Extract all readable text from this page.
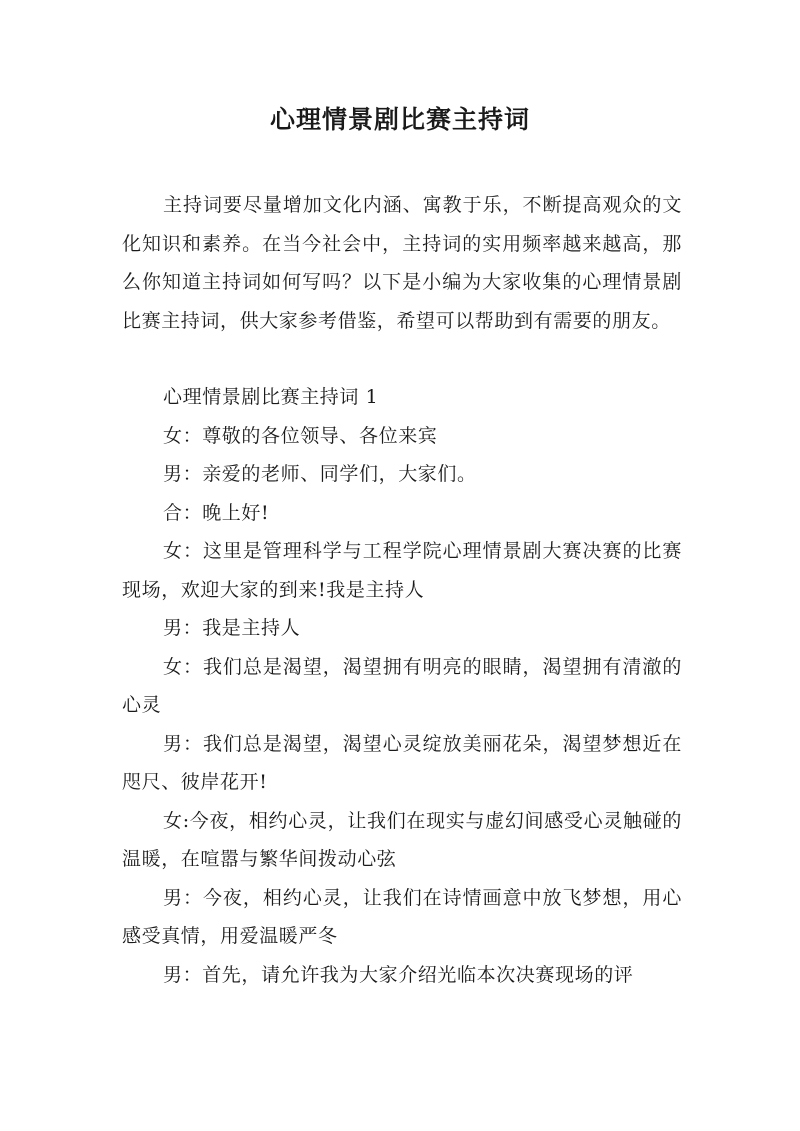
心理情景剧比赛主持词

主持词要尽量增加文化内涵、寓教于乐，不断提高观众的文化知识和素养。在当今社会中，主持词的实用频率越来越高，那么你知道主持词如何写吗？以下是小编为大家收集的心理情景剧比赛主持词，供大家参考借鉴，希望可以帮助到有需要的朋友。

心理情景剧比赛主持词 1

女：尊敬的各位领导、各位来宾

男：亲爱的老师、同学们，大家们。

合：晚上好!

女：这里是管理科学与工程学院心理情景剧大赛决赛的比赛现场，欢迎大家的到来!我是主持人

男：我是主持人

女：我们总是渴望，渴望拥有明亮的眼睛，渴望拥有清澈的心灵

男：我们总是渴望，渴望心灵绽放美丽花朵，渴望梦想近在咫尺、彼岸花开!

女:今夜，相约心灵，让我们在现实与虚幻间感受心灵触碰的温暖，在喧嚣与繁华间拨动心弦

男：今夜，相约心灵，让我们在诗情画意中放飞梦想，用心感受真情，用爱温暖严冬

男：首先，请允许我为大家介绍光临本次决赛现场的评
